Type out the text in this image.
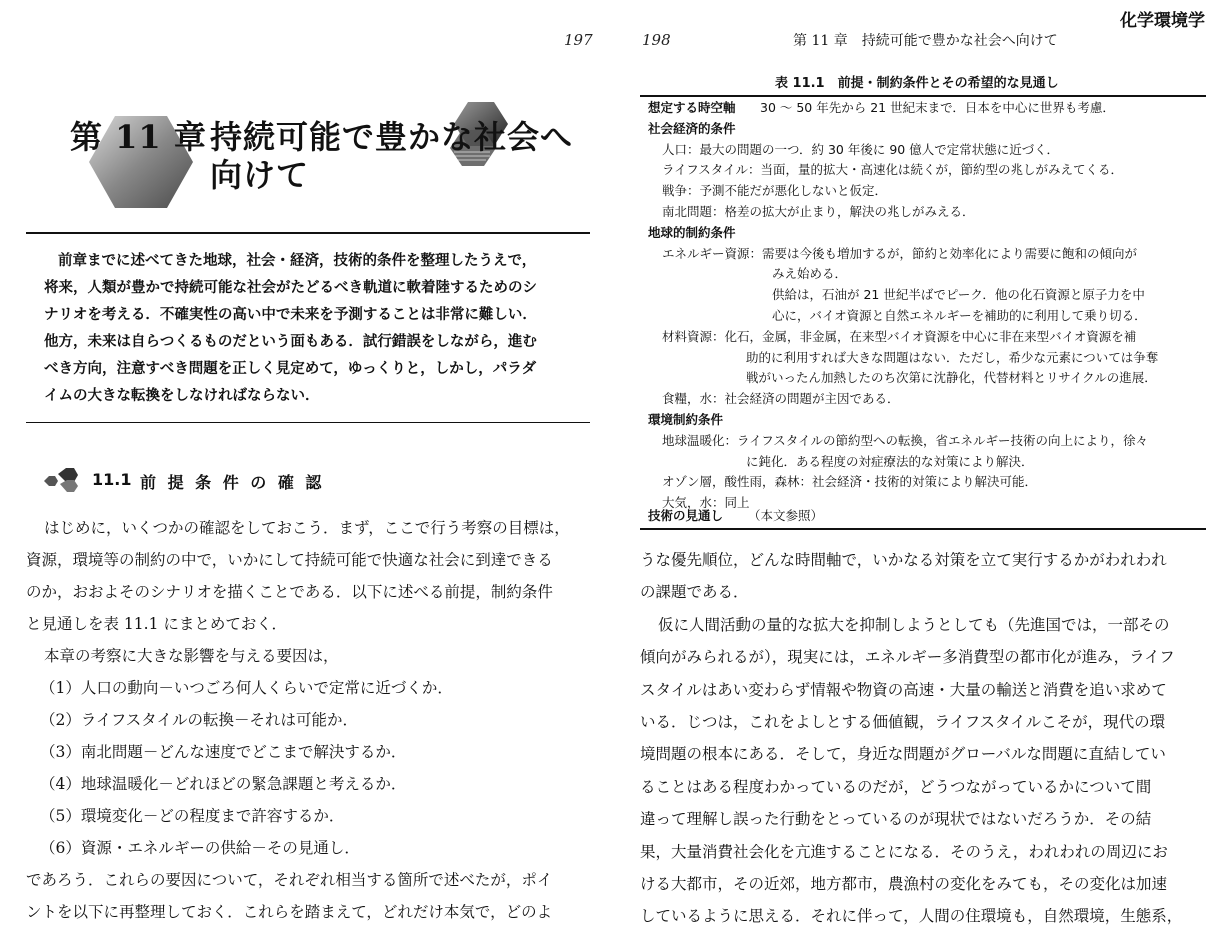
化学環境学
197
第 11 章 持続可能で豊かな社会へ
向けて

前章までに述べてきた地球，社会・経済，技術的条件を整理したうえで，

将来，人類が豊かで持続可能な社会がたどるべき軌道に軟着陸するためのシ

ナリオを考える．不確実性の高い中で未来を予測することは非常に難しい．

他方，未来は自らつくるものだという面もある．試行錯誤をしながら，進む

べき方向，注意すべき問題を正しく見定めて，ゆっくりと，しかし，パラダ

イムの大きな転換をしなければならない．

11.1 前 提 条 件 の 確 認

はじめに，いくつかの確認をしておこう．まず，ここで行う考察の目標は，

資源，環境等の制約の中で，いかにして持続可能で快適な社会に到達できる

のか，おおよそのシナリオを描くことである．以下に述べる前提，制約条件

と見通しを表 11.1 にまとめておく．

本章の考察に大きな影響を与える要因は，

（1）人口の動向－いつごろ何人くらいで定常に近づくか．

（2）ライフスタイルの転換－それは可能か．

（3）南北問題－どんな速度でどこまで解決するか．

（4）地球温暖化－どれほどの緊急課題と考えるか．

（5）環境変化－どの程度まで許容するか．

（6）資源・エネルギーの供給－その見通し．

であろう．これらの要因について，それぞれ相当する箇所で述べたが，ポイ

ントを以下に再整理しておく．これらを踏まえて，どれだけ本気で，どのよ

198	第 11 章　持続可能で豊かな社会へ向けて
表 11.1　前提・制約条件とその希望的な見通し
想定する時空軸 30 ～ 50 年先から 21 世紀末まで．日本を中心に世界も考慮．
社会経済的条件
人口：最大の問題の一つ．約 30 年後に 90 億人で定常状態に近づく．
ライフスタイル：当面，量的拡大・高速化は続くが，節約型の兆しがみえてくる．
戦争：予測不能だが悪化しないと仮定．
南北問題：格差の拡大が止まり，解決の兆しがみえる．
地球的制約条件
エネルギー資源：需要は今後も増加するが，節約と効率化により需要に飽和の傾向が
みえ始める．
供給は，石油が 21 世紀半ばでピーク．他の化石資源と原子力を中
心に，バイオ資源と自然エネルギーを補助的に利用して乗り切る．
材料資源：化石，金属，非金属，在来型バイオ資源を中心に非在来型バイオ資源を補
助的に利用すれば大きな問題はない．ただし，希少な元素については争奪
戦がいったん加熱したのち次第に沈静化，代替材料とリサイクルの進展．
食糧，水：社会経済の問題が主因である．
環境制約条件
地球温暖化：ライフスタイルの節約型への転換，省エネルギー技術の向上により，徐々
に鈍化．ある程度の対症療法的な対策により解決．
オゾン層，酸性雨，森林：社会経済・技術的対策により解決可能．
大気，水：同上
技術の見通し （本文参照）

うな優先順位，どんな時間軸で，いかなる対策を立て実行するかがわれわれ

の課題である．

仮に人間活動の量的な拡大を抑制しようとしても（先進国では，一部その

傾向がみられるが），現実には，エネルギー多消費型の都市化が進み，ライフ

スタイルはあい変わらず情報や物資の高速・大量の輸送と消費を追い求めて

いる．じつは，これをよしとする価値観，ライフスタイルこそが，現代の環

境問題の根本にある．そして，身近な問題がグローバルな問題に直結してい

ることはある程度わかっているのだが，どうつながっているかについて間

違って理解し誤った行動をとっているのが現状ではないだろうか．その結

果，大量消費社会化を亢進することになる．そのうえ，われわれの周辺にお

ける大都市，その近郊，地方都市，農漁村の変化をみても，その変化は加速

しているように思える．それに伴って，人間の住環境も，自然環境，生態系，
